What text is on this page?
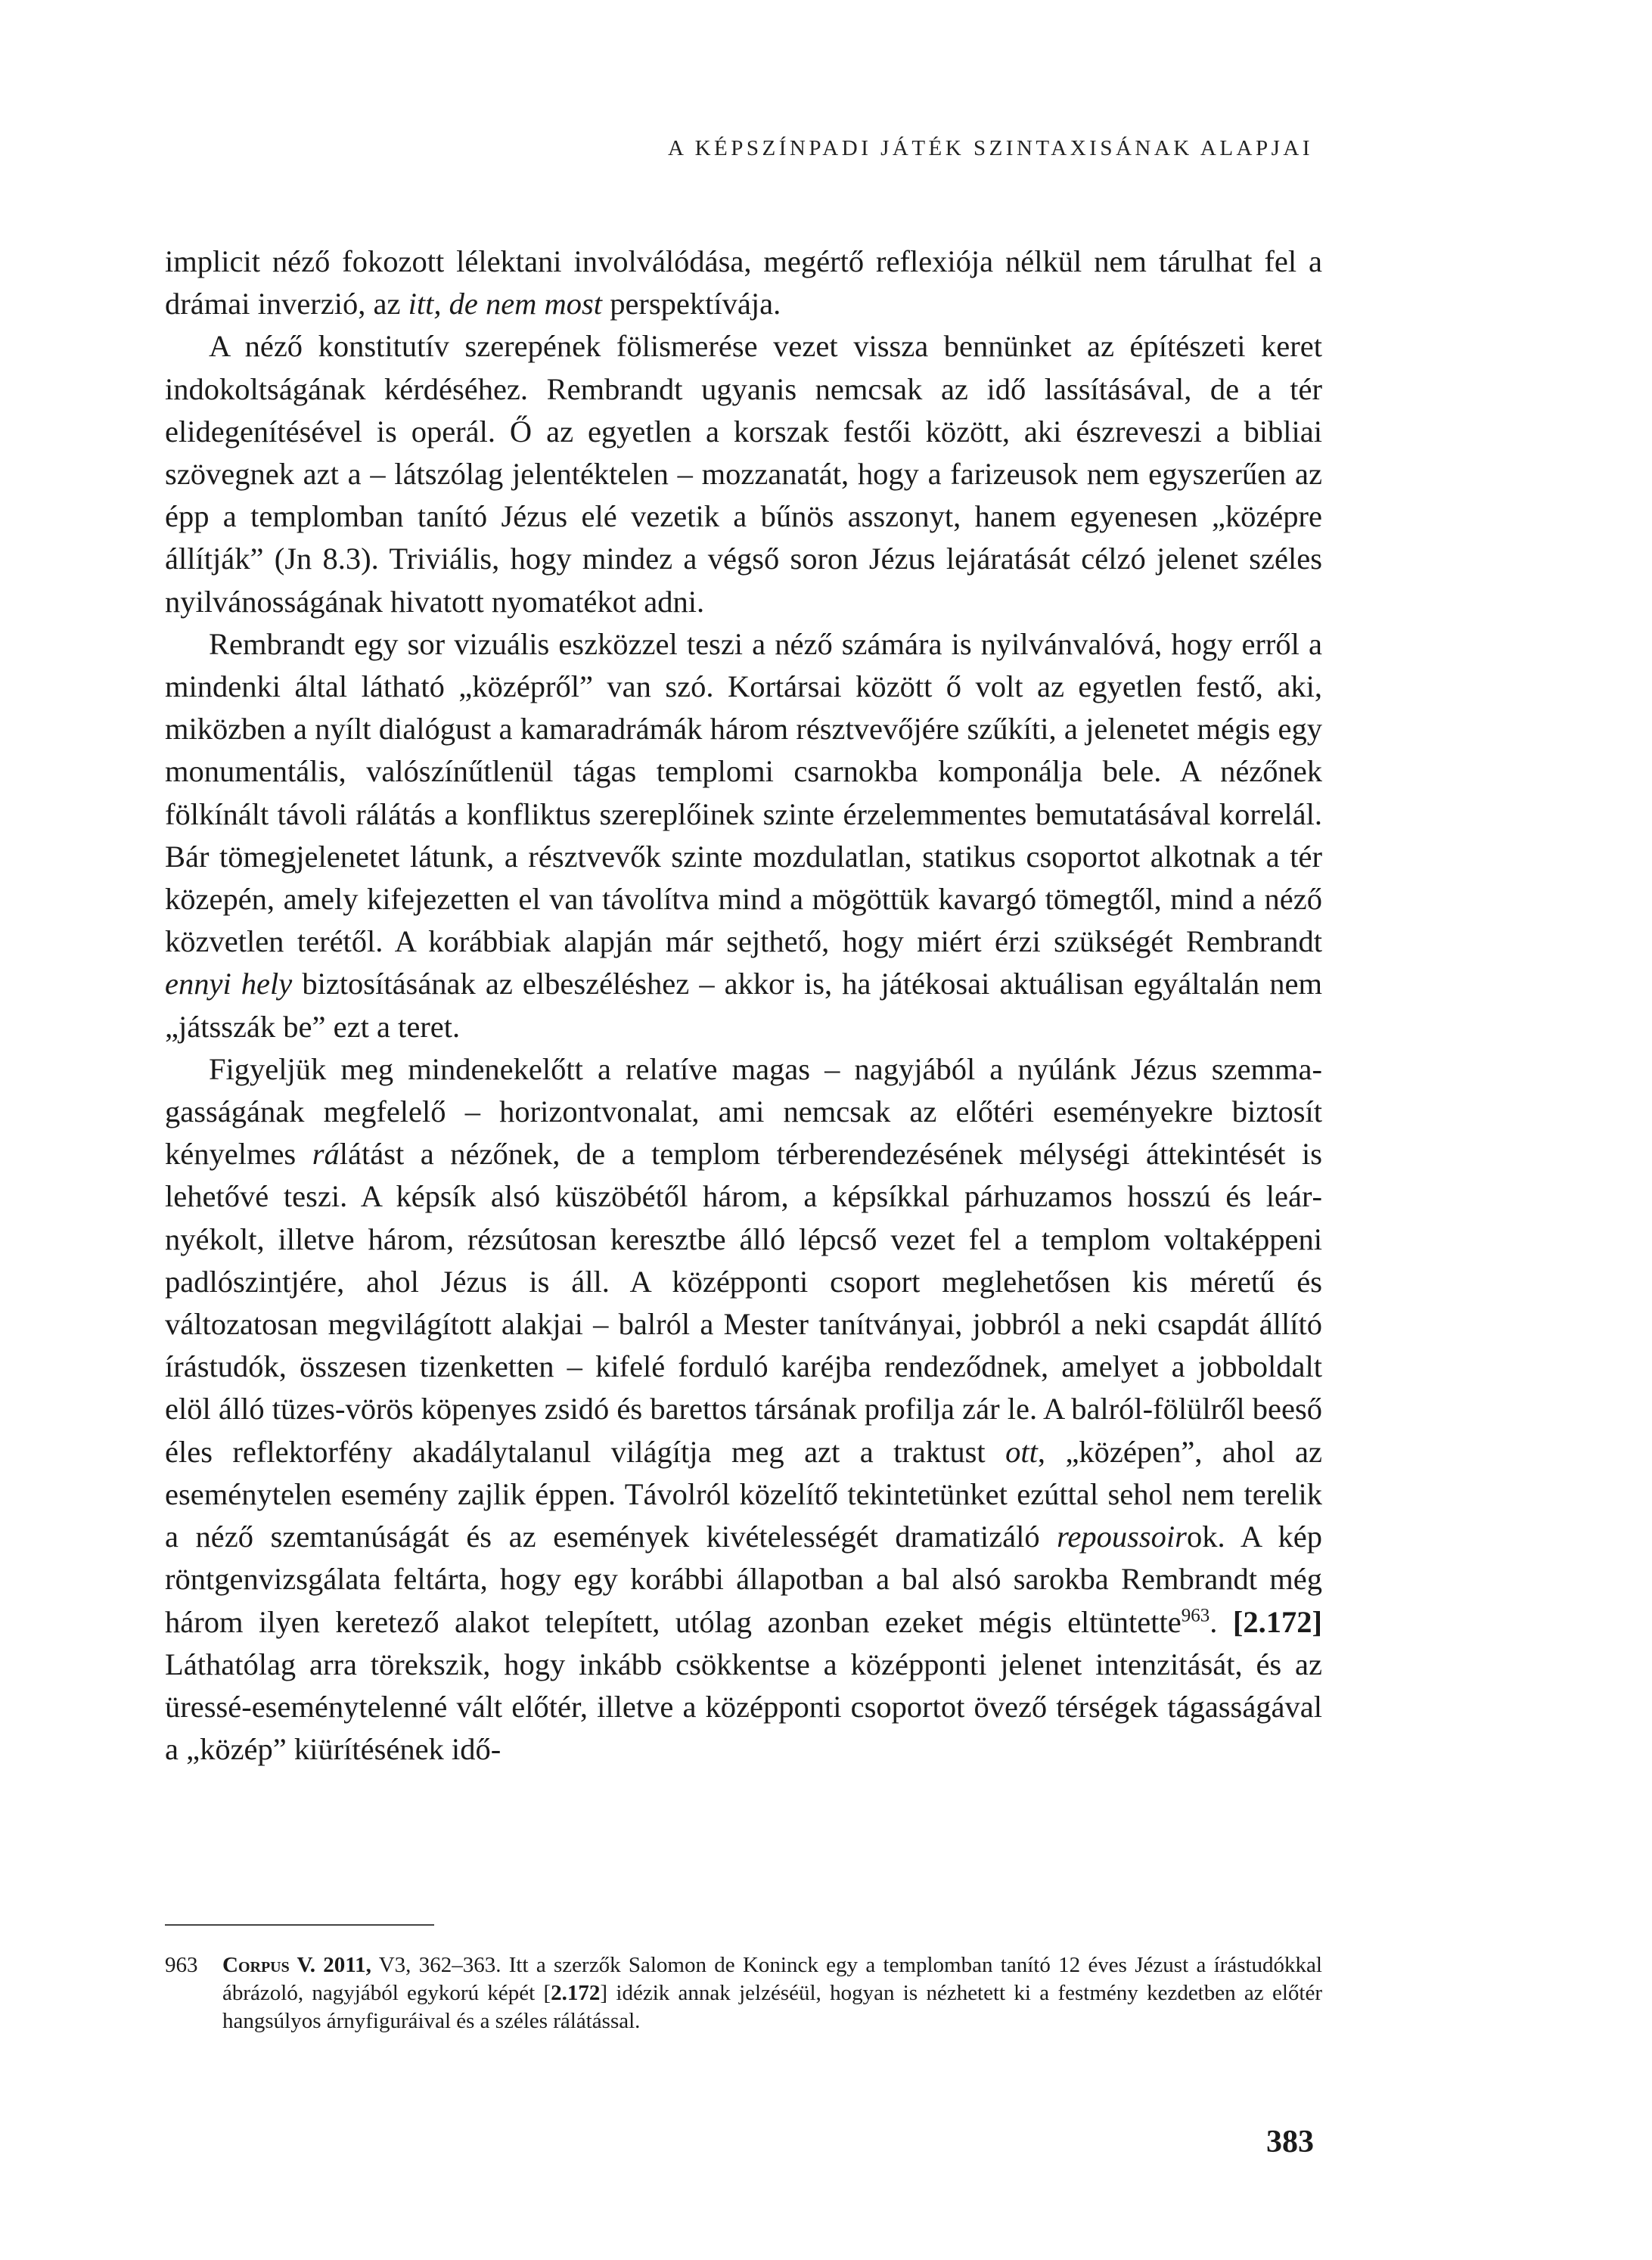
A KÉPSZÍNPADI JÁTÉK SZINTAXISÁNAK ALAPJAI

implicit néző fokozott lélektani involválódása, megértő reflexiója nélkül nem tárulhat fel a drámai inverzió, az itt, de nem most perspektívája.

A néző konstitutív szerepének fölismerése vezet vissza bennünket az építészeti keret indokoltságának kérdéséhez. Rembrandt ugyanis nemcsak az idő lassításával, de a tér elidegenítésével is operál. Ő az egyetlen a korszak festői között, aki észreveszi a bibliai szövegnek azt a – látszólag jelentéktelen – mozzanatát, hogy a farizeusok nem egyszerűen az épp a templomban tanító Jézus elé vezetik a bűnös asszonyt, hanem egyenesen „középre állítják” (Jn 8.3). Triviális, hogy mindez a végső soron Jézus lejáratását célzó jelenet széles nyilvánosságának hivatott nyomatékot adni.

Rembrandt egy sor vizuális eszközzel teszi a néző számára is nyilvánvalóvá, hogy erről a mindenki által látható „középről” van szó. Kortársai között ő volt az egyetlen festő, aki, miközben a nyílt dialógust a kamaradrámák három résztvevőjére szűkíti, a jelenetet mégis egy monumentális, valószínűtlenül tágas templomi csarnokba komponálja bele. A nézőnek fölkínált távoli rálátás a konfliktus szereplőinek szinte érzelemmentes bemutatásával korrelál. Bár tömegjelenetet látunk, a résztvevők szinte mozdulatlan, statikus csoportot alkotnak a tér közepén, amely kifejezetten el van távolítva mind a mögöttük kavargó tömegtől, mind a néző közvetlen terétől. A korábbiak alapján már sejthető, hogy miért érzi szükségét Rembrandt ennyi hely biztosításának az elbeszéléshez – akkor is, ha játékosai aktuálisan egyáltalán nem „játsszák be” ezt a teret.

Figyeljük meg mindenekelőtt a relatíve magas – nagyjából a nyúlánk Jézus szemmagasságának megfelelő – horizontvonalat, ami nemcsak az előtéri eseményekre biztosít kényelmes rálátást a nézőnek, de a templom térberendezésének mélységi áttekintését is lehetővé teszi. A képsík alsó küszöbétől három, a képsíkkal párhuzamos hosszú és leárnyékolt, illetve három, rézsútosan keresztbe álló lépcső vezet fel a templom voltaképpeni padlószintjére, ahol Jézus is áll. A középponti csoport meglehetősen kis méretű és változatosan megvilágított alakjai – balról a Mester tanítványai, jobbról a neki csapdát állító írástudók, összesen tizenketten – kifelé forduló karéjba rendeződnek, amelyet a jobboldalt elöl álló tüzes-vörös köpenyes zsidó és barettos társának profilja zár le. A balról-fölülről beeső éles reflektorfény akadálytalanul világítja meg azt a traktust ott, „középen”, ahol az eseménytelen esemény zajlik éppen. Távolról közelítő tekintetünket ezúttal sehol nem terelik a néző szemtanúságát és az események kivételességét dramatizáló repoussoirok. A kép röntgenvizsgálata feltárta, hogy egy korábbi állapotban a bal alsó sarokba Rembrandt még három ilyen keretező alakot telepített, utólag azonban ezeket mégis eltüntette$^{963}$. [2.172] Láthatólag arra törekszik, hogy inkább csökkentse a középponti jelenet intenzitását, és az üressé-eseménytelenné vált előtér, illetve a középponti csoportot övező térségek tágasságával a „közép” kiürítésének idő-

963 Corpus V. 2011, V3, 362–363. Itt a szerzők Salomon de Koninck egy a templomban tanító 12 éves Jézust a írástudókkal ábrázoló, nagyjából egykorú képét [2.172] idézik annak jelzéséül, hogyan is nézhetett ki a festmény kezdetben az előtér hangsúlyos árnyfiguráival és a széles rálátással.
383
